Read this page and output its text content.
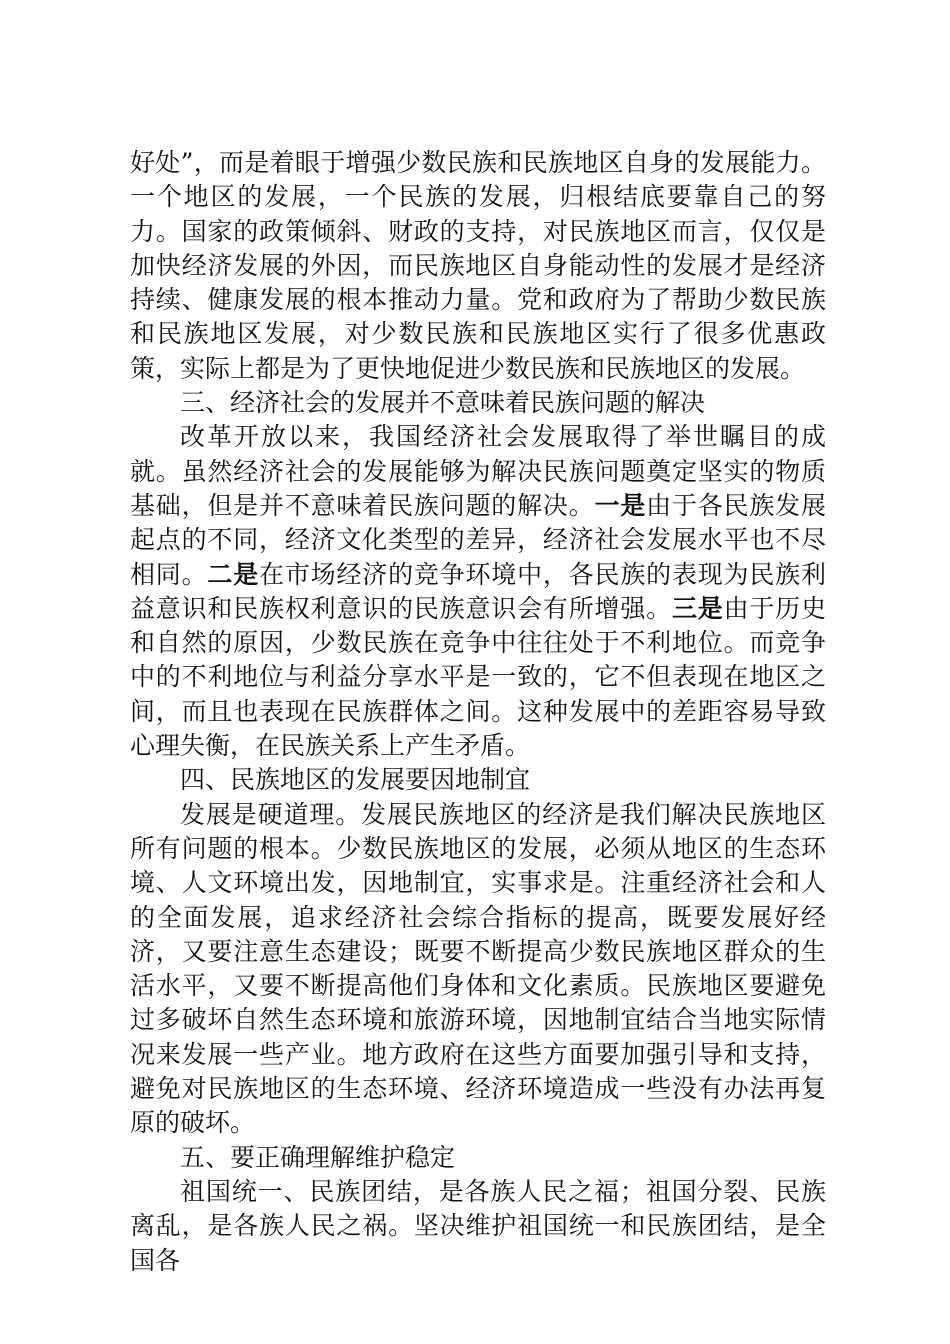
好处”，而是着眼于增强少数民族和民族地区自身的发展能力。一个地区的发展，一个民族的发展，归根结底要靠自己的努力。国家的政策倾斜、财政的支持，对民族地区而言，仅仅是加快经济发展的外因，而民族地区自身能动性的发展才是经济持续、健康发展的根本推动力量。党和政府为了帮助少数民族和民族地区发展，对少数民族和民族地区实行了很多优惠政策，实际上都是为了更快地促进少数民族和民族地区的发展。

三、经济社会的发展并不意味着民族问题的解决

改革开放以来，我国经济社会发展取得了举世瞩目的成就。虽然经济社会的发展能够为解决民族问题奠定坚实的物质基础，但是并不意味着民族问题的解决。一是由于各民族发展起点的不同，经济文化类型的差异，经济社会发展水平也不尽相同。二是在市场经济的竞争环境中，各民族的表现为民族利益意识和民族权利意识的民族意识会有所增强。三是由于历史和自然的原因，少数民族在竞争中往往处于不利地位。而竞争中的不利地位与利益分享水平是一致的，它不但表现在地区之间，而且也表现在民族群体之间。这种发展中的差距容易导致心理失衡，在民族关系上产生矛盾。

四、民族地区的发展要因地制宜

发展是硬道理。发展民族地区的经济是我们解决民族地区所有问题的根本。少数民族地区的发展，必须从地区的生态环境、人文环境出发，因地制宜，实事求是。注重经济社会和人的全面发展，追求经济社会综合指标的提高，既要发展好经济，又要注意生态建设；既要不断提高少数民族地区群众的生活水平，又要不断提高他们身体和文化素质。民族地区要避免过多破坏自然生态环境和旅游环境，因地制宜结合当地实际情况来发展一些产业。地方政府在这些方面要加强引导和支持，避免对民族地区的生态环境、经济环境造成一些没有办法再复原的破坏。

五、要正确理解维护稳定

祖国统一、民族团结，是各族人民之福；祖国分裂、民族离乱，是各族人民之祸。坚决维护祖国统一和民族团结，是全国各
